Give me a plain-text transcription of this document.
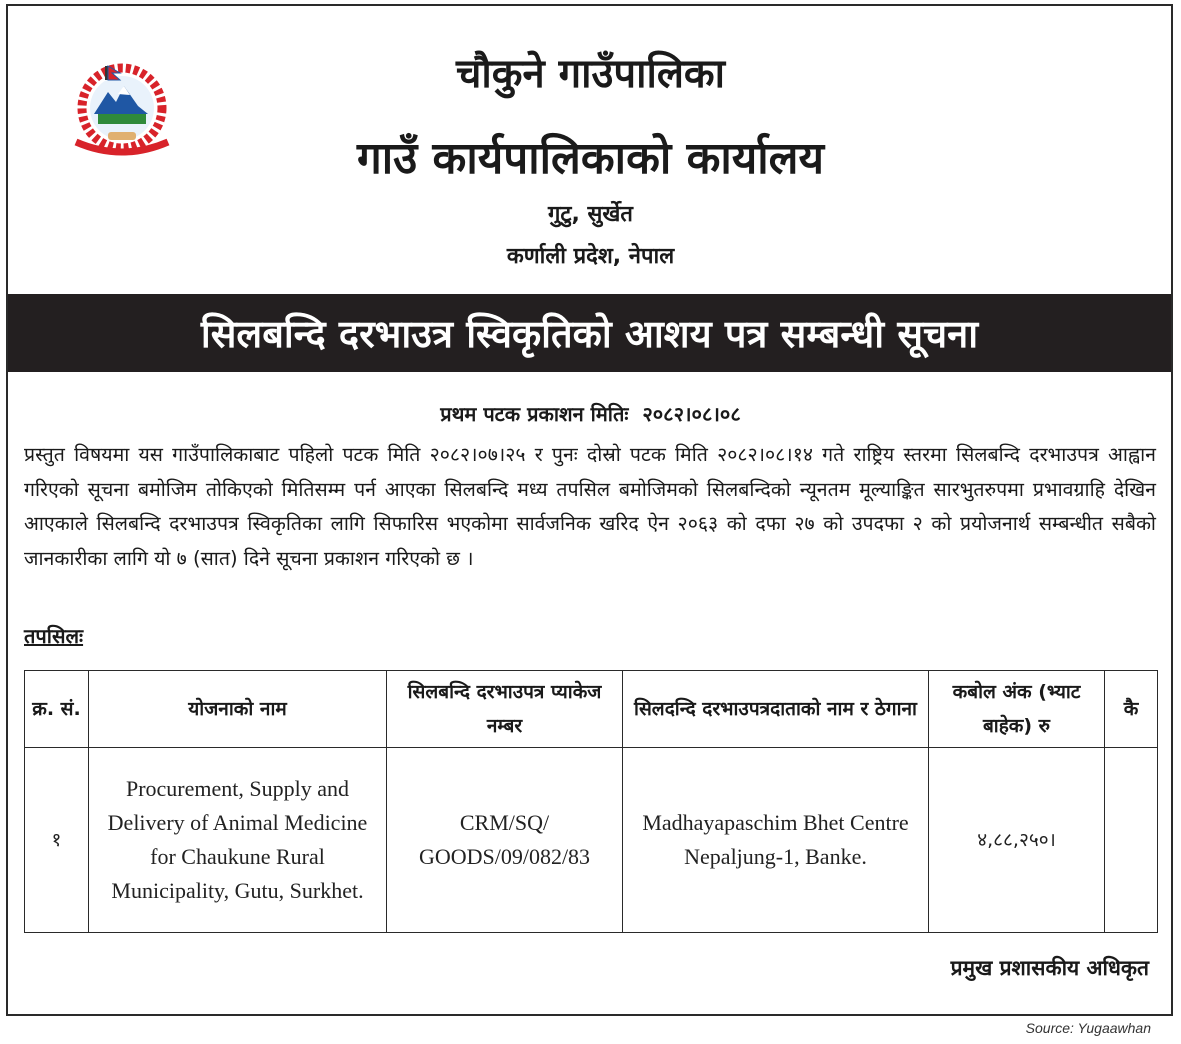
चौकुने गाउँपालिका
गाउँ कार्यपालिकाको कार्यालय
गुटु, सुर्खेत
कर्णाली प्रदेश, नेपाल
सिलबन्दि दरभाउत्र स्विकृतिको आशय पत्र सम्बन्धी सूचना
प्रथम पटक प्रकाशन मितिः २०८२।०८।०८
प्रस्तुत विषयमा यस गाउँपालिकाबाट पहिलो पटक मिति २०८२।०७।२५ र पुनः दोस्रो पटक मिति २०८२।०८।१४ गते राष्ट्रिय स्तरमा सिलबन्दि दरभाउपत्र आह्वान गरिएको सूचना बमोजिम तोकिएको मितिसम्म पर्न आएका सिलबन्दि मध्य तपसिल बमोजिमको सिलबन्दिको न्यूनतम मूल्याङ्कित सारभुतरुपमा प्रभावग्राहि देखिन आएकाले सिलबन्दि दरभाउपत्र स्विकृतिका लागि सिफारिस भएकोमा सार्वजनिक खरिद ऐन २०६३ को दफा २७ को उपदफा २ को प्रयोजनार्थ सम्बन्धीत सबैको जानकारीका लागि यो ७ (सात) दिने सूचना प्रकाशन गरिएको छ ।
तपसिलः
क्र. सं.	योजनाको नाम	सिलबन्दि दरभाउपत्र प्याकेज नम्बर	सिलदन्दि दरभाउपत्रदाताको नाम र ठेगाना	कबोल अंक (भ्याट बाहेक) रु	कै
१	Procurement, Supply and Delivery of Animal Medicine for Chaukune Rural Municipality, Gutu, Surkhet.	CRM/SQ/ GOODS/09/082/83	Madhayapaschim Bhet Centre Nepaljung-1, Banke.	४,८८,२५०।	
प्रमुख प्रशासकीय अधिकृत
Source: Yugaawhan
